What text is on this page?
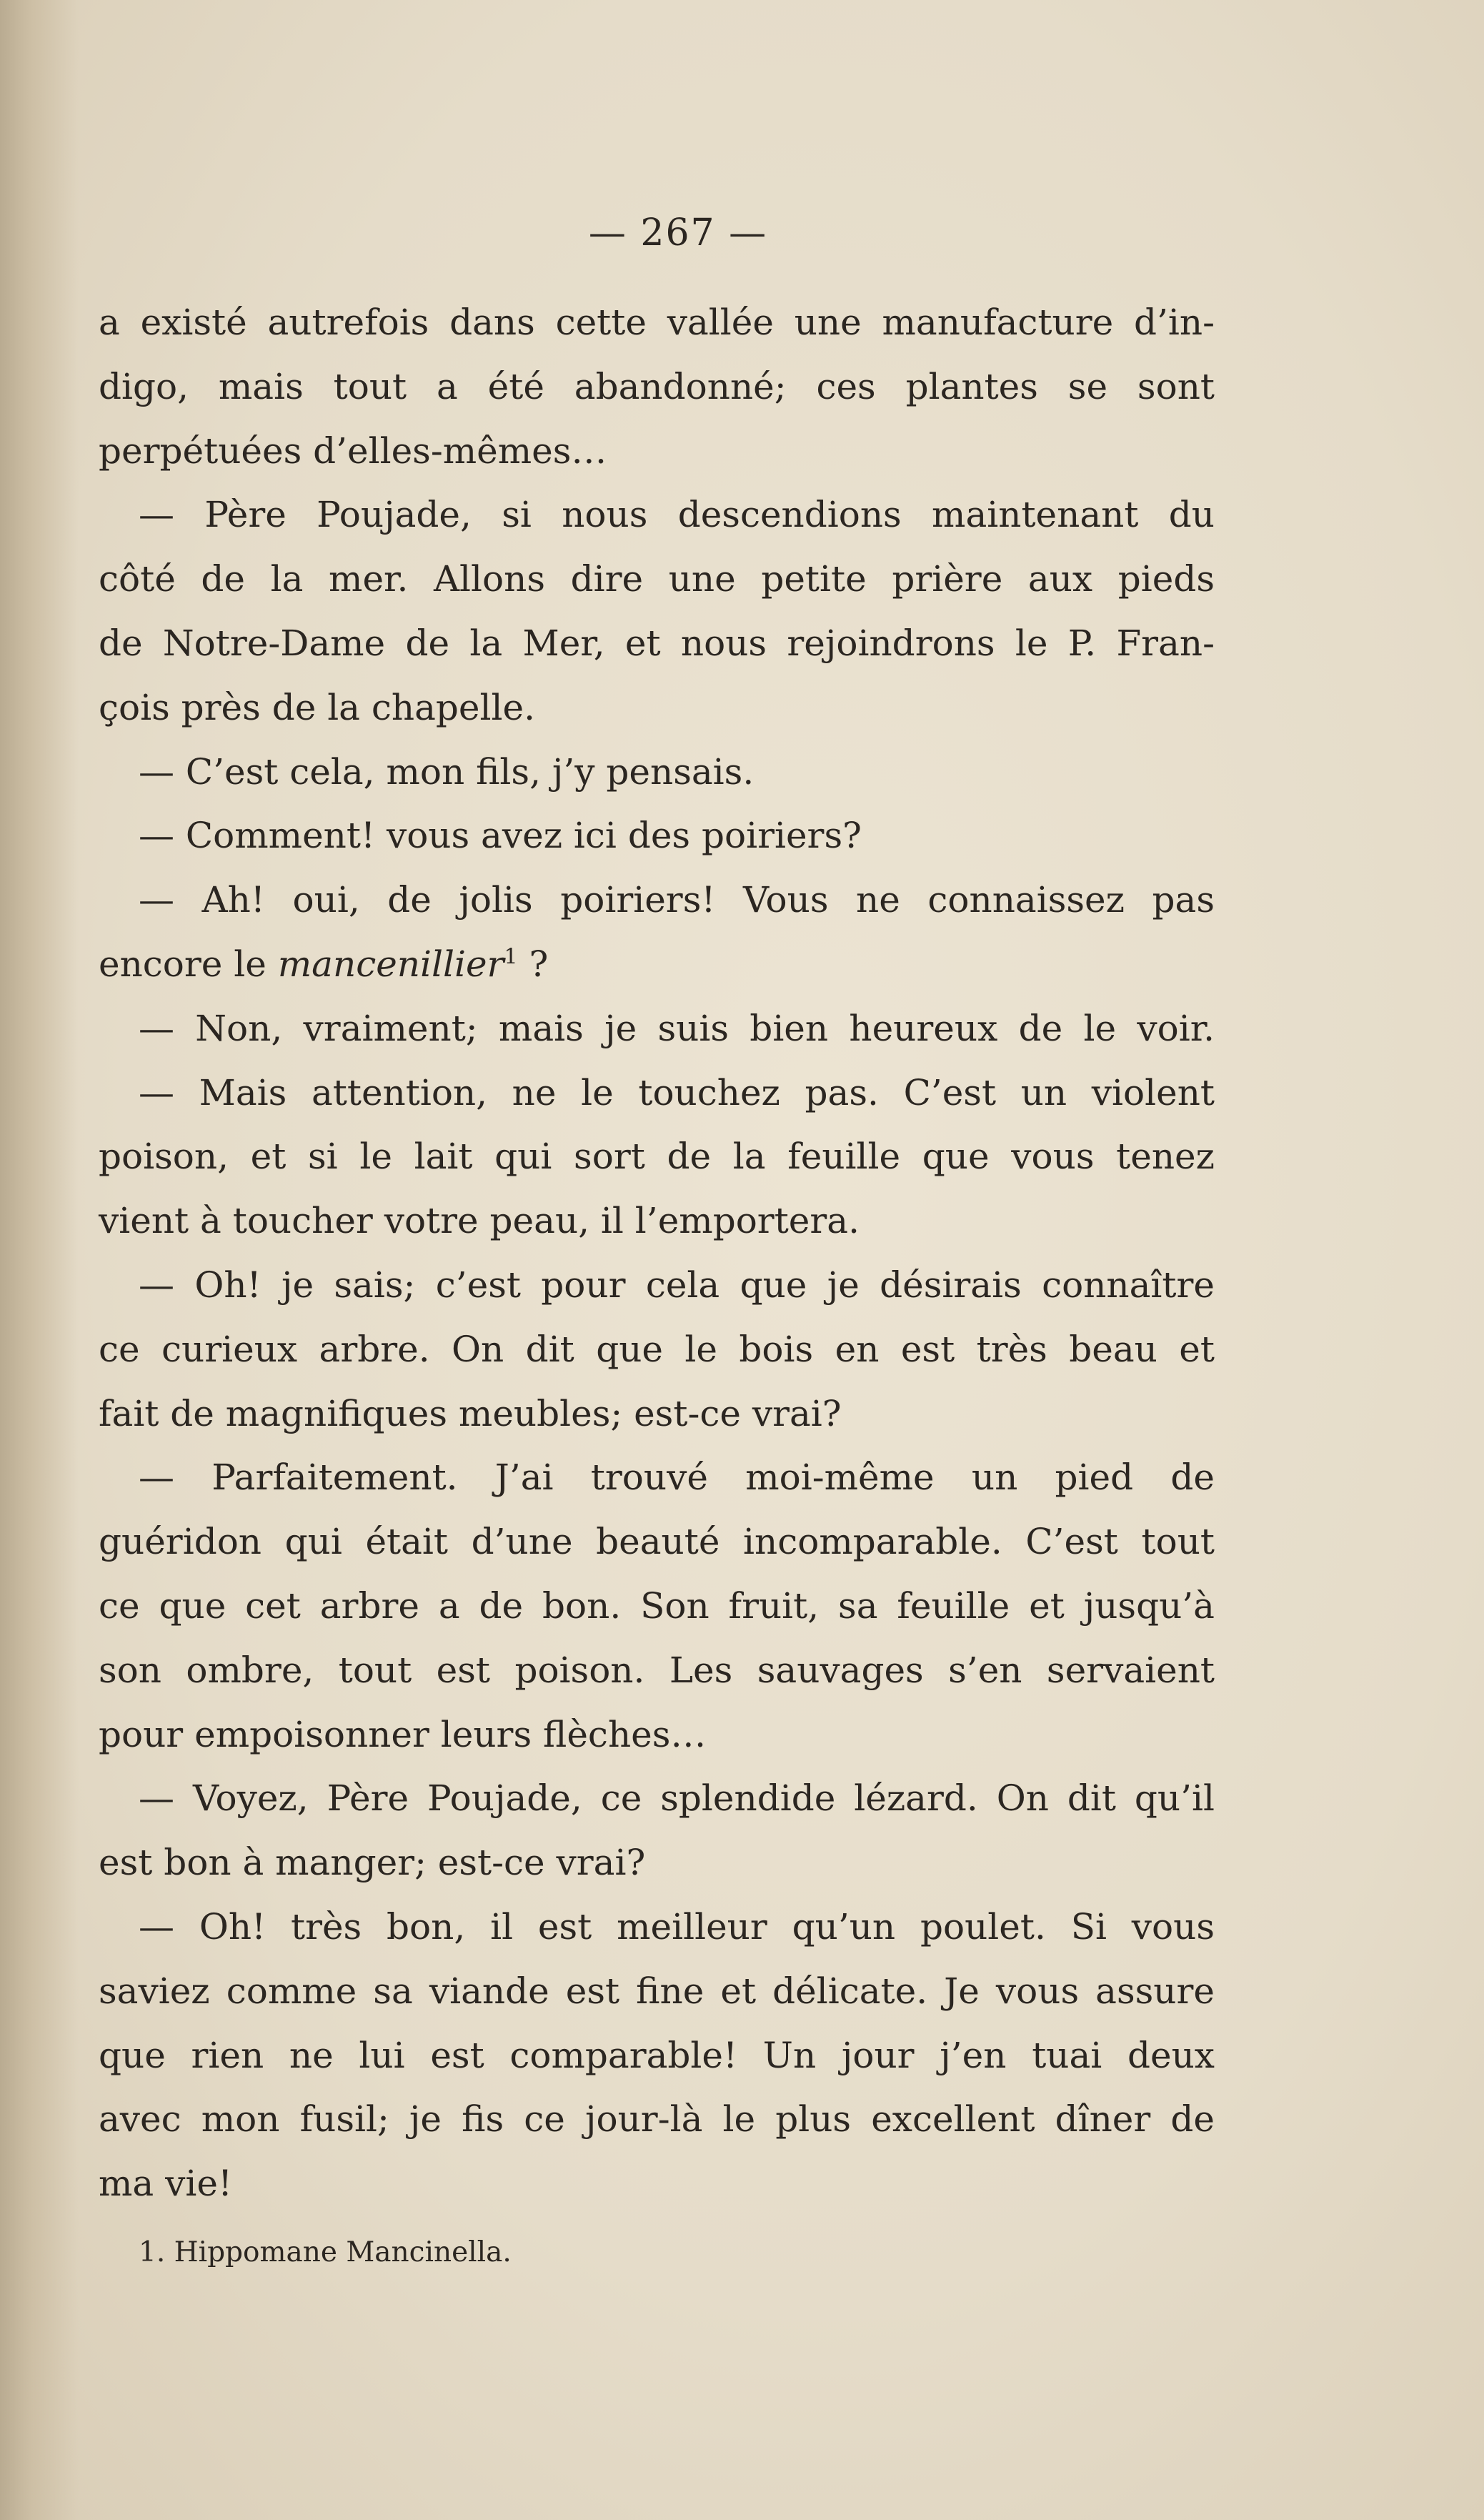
— 267 —
a existé autrefois dans cette vallée une manufacture d’in-
digo, mais tout a été abandonné; ces plantes se sont
perpétuées d’elles-mêmes…
— Père Poujade, si nous descendions maintenant du
côté de la mer. Allons dire une petite prière aux pieds
de Notre-Dame de la Mer, et nous rejoindrons le P. Fran-
çois près de la chapelle.
— C’est cela, mon fils, j’y pensais.
— Comment! vous avez ici des poiriers?
— Ah! oui, de jolis poiriers! Vous ne connaissez pas
encore le mancenillier$^1$ ?
— Non, vraiment; mais je suis bien heureux de le voir.
— Mais attention, ne le touchez pas. C’est un violent
poison, et si le lait qui sort de la feuille que vous tenez
vient à toucher votre peau, il l’emportera.
— Oh! je sais; c’est pour cela que je désirais connaître
ce curieux arbre. On dit que le bois en est très beau et
fait de magnifiques meubles; est-ce vrai?
— Parfaitement. J’ai trouvé moi-même un pied de
guéridon qui était d’une beauté incomparable. C’est tout
ce que cet arbre a de bon. Son fruit, sa feuille et jusqu’à
son ombre, tout est poison. Les sauvages s’en servaient
pour empoisonner leurs flèches…
— Voyez, Père Poujade, ce splendide lézard. On dit qu’il
est bon à manger; est-ce vrai?
— Oh! très bon, il est meilleur qu’un poulet. Si vous
saviez comme sa viande est fine et délicate. Je vous assure
que rien ne lui est comparable! Un jour j’en tuai deux
avec mon fusil; je fis ce jour-là le plus excellent dîner de
ma vie!
1. Hippomane Mancinella.
